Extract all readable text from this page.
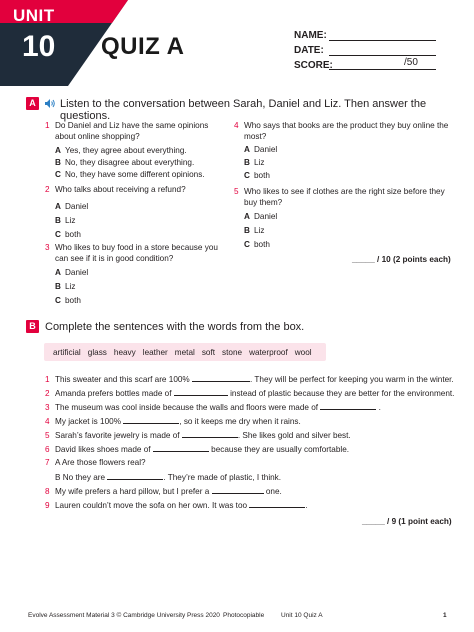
UNIT
10 QUIZ A	NAME:
DATE:
SCORE:	/50
A Listen to the conversation between Sarah, Daniel and Liz. Then answer the questions.
1 Do Daniel and Liz have the same opinions
about online shopping?
A Yes, they agree about everything.
B No, they disagree about everything.
C No, they have some different opinions.
2 Who talks about receiving a refund?
A Daniel
B Liz
C both
3 Who likes to buy food in a store because you
can see if it is in good condition?
A Daniel
B Liz
C both
4 Who says that books are the product they buy online the
most?
A Daniel
B Liz
C both
5 Who likes to see if clothes are the right size before they
buy them?
A Daniel
B Liz
C both
_____ / 10 (2 points each)
B Complete the sentences with the words from the box.
artificial glass heavy leather metal soft stone waterproof wool
1 This sweater and this scarf are 100%	. They will be perfect for keeping you warm in the winter.
2 Amanda prefers bottles made of	instead of plastic because they are better for the environment.
3 The museum was cool inside because the walls and floors were made of	.
4 My jacket is 100%	, so it keeps me dry when it rains.
5 Sarah’s favorite jewelry is made of	. She likes gold and silver best.
6 David likes shoes made of	because they are usually comfortable.
7 A Are those flowers real?
B No they are	. They’re made of plastic, I think.
8 My wife prefers a hard pillow, but I prefer a	one.
9 Lauren couldn’t move the sofa on her own. It was too	.
_____ / 9 (1 point each)
Evolve Assessment Material 3 © Cambridge University Press 2020 Photocopiable	Unit 10 Quiz A	1
